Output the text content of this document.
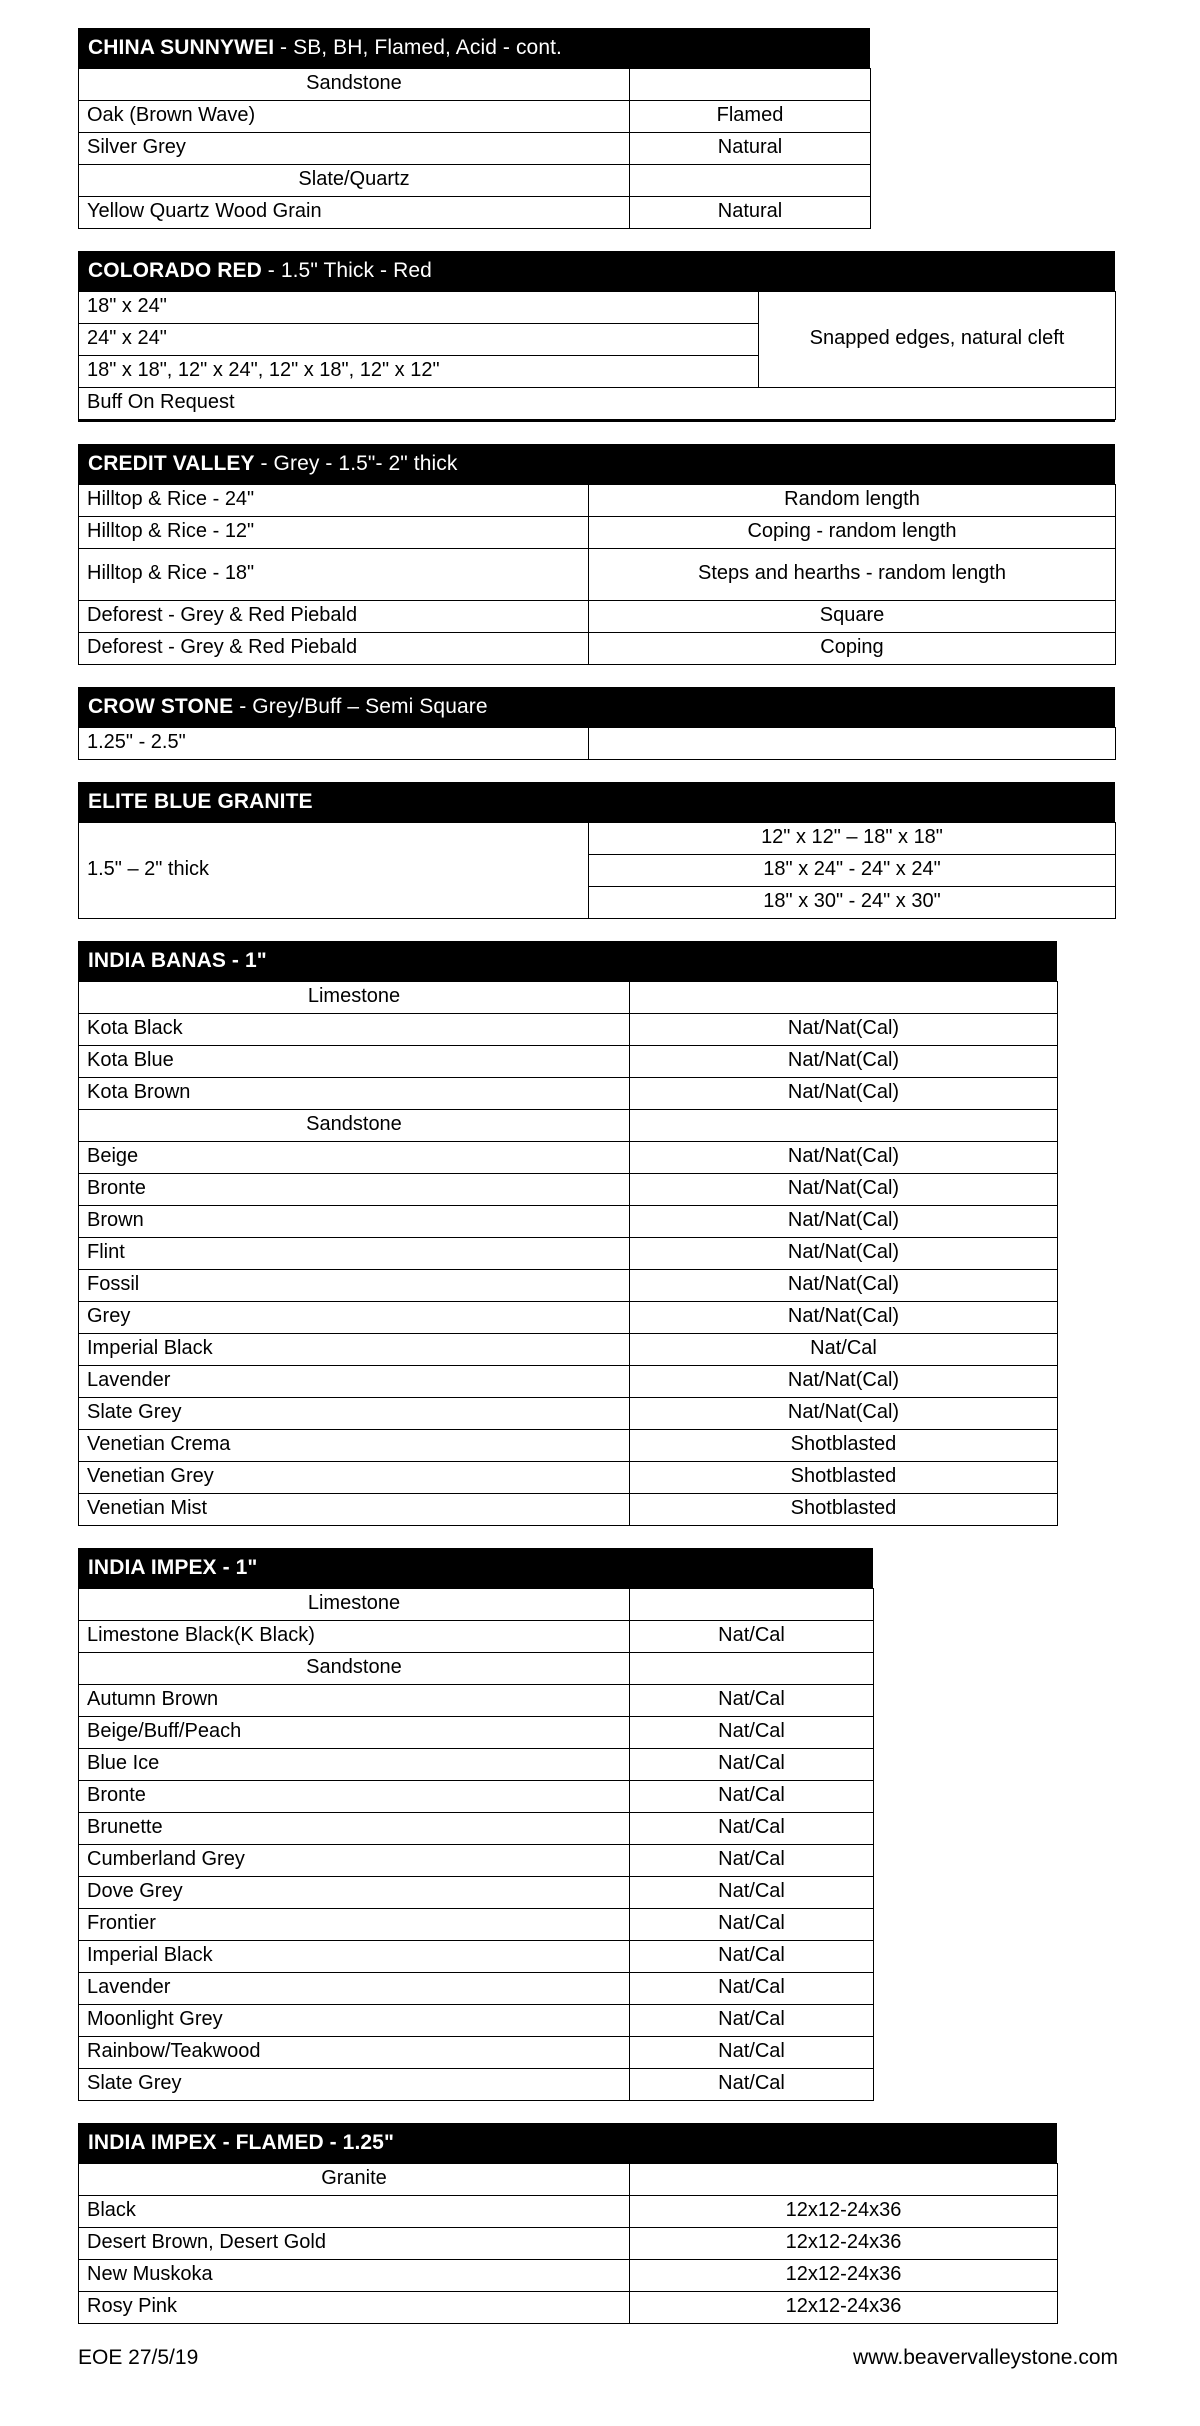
CHINA SUNNYWEI - SB, BH, Flamed, Acid - cont.
Sandstone	
Oak (Brown Wave)	Flamed
Silver Grey	Natural
Slate/Quartz	
Yellow Quartz Wood Grain	Natural
COLORADO RED - 1.5" Thick - Red
18" x 24"	Snapped edges, natural cleft
24" x 24"
18" x 18", 12" x 24", 12" x 18", 12" x 12"
Buff On Request
CREDIT VALLEY - Grey - 1.5"- 2" thick
Hilltop & Rice - 24"	Random length
Hilltop & Rice - 12"	Coping - random length
Hilltop & Rice - 18"	Steps and hearths - random length
Deforest - Grey & Red Piebald	Square
Deforest - Grey & Red Piebald	Coping
CROW STONE - Grey/Buff – Semi Square
1.25" - 2.5"	
ELITE BLUE GRANITE
1.5" – 2" thick	12" x 12" – 18" x 18"
18" x 24" - 24" x 24"
18" x 30" - 24" x 30"
INDIA BANAS - 1"
Limestone	
Kota Black	Nat/Nat(Cal)
Kota Blue	Nat/Nat(Cal)
Kota Brown	Nat/Nat(Cal)
Sandstone	
Beige	Nat/Nat(Cal)
Bronte	Nat/Nat(Cal)
Brown	Nat/Nat(Cal)
Flint	Nat/Nat(Cal)
Fossil	Nat/Nat(Cal)
Grey	Nat/Nat(Cal)
Imperial Black	Nat/Cal
Lavender	Nat/Nat(Cal)
Slate Grey	Nat/Nat(Cal)
Venetian Crema	Shotblasted
Venetian Grey	Shotblasted
Venetian Mist	Shotblasted
INDIA IMPEX - 1"
Limestone	
Limestone Black(K Black)	Nat/Cal
Sandstone	
Autumn Brown	Nat/Cal
Beige/Buff/Peach	Nat/Cal
Blue Ice	Nat/Cal
Bronte	Nat/Cal
Brunette	Nat/Cal
Cumberland Grey	Nat/Cal
Dove Grey	Nat/Cal
Frontier	Nat/Cal
Imperial Black	Nat/Cal
Lavender	Nat/Cal
Moonlight Grey	Nat/Cal
Rainbow/Teakwood	Nat/Cal
Slate Grey	Nat/Cal
INDIA IMPEX - FLAMED - 1.25"
Granite	
Black	12x12-24x36
Desert Brown, Desert Gold	12x12-24x36
New Muskoka	12x12-24x36
Rosy Pink	12x12-24x36
EOE 27/5/19	www.beavervalleystone.com
